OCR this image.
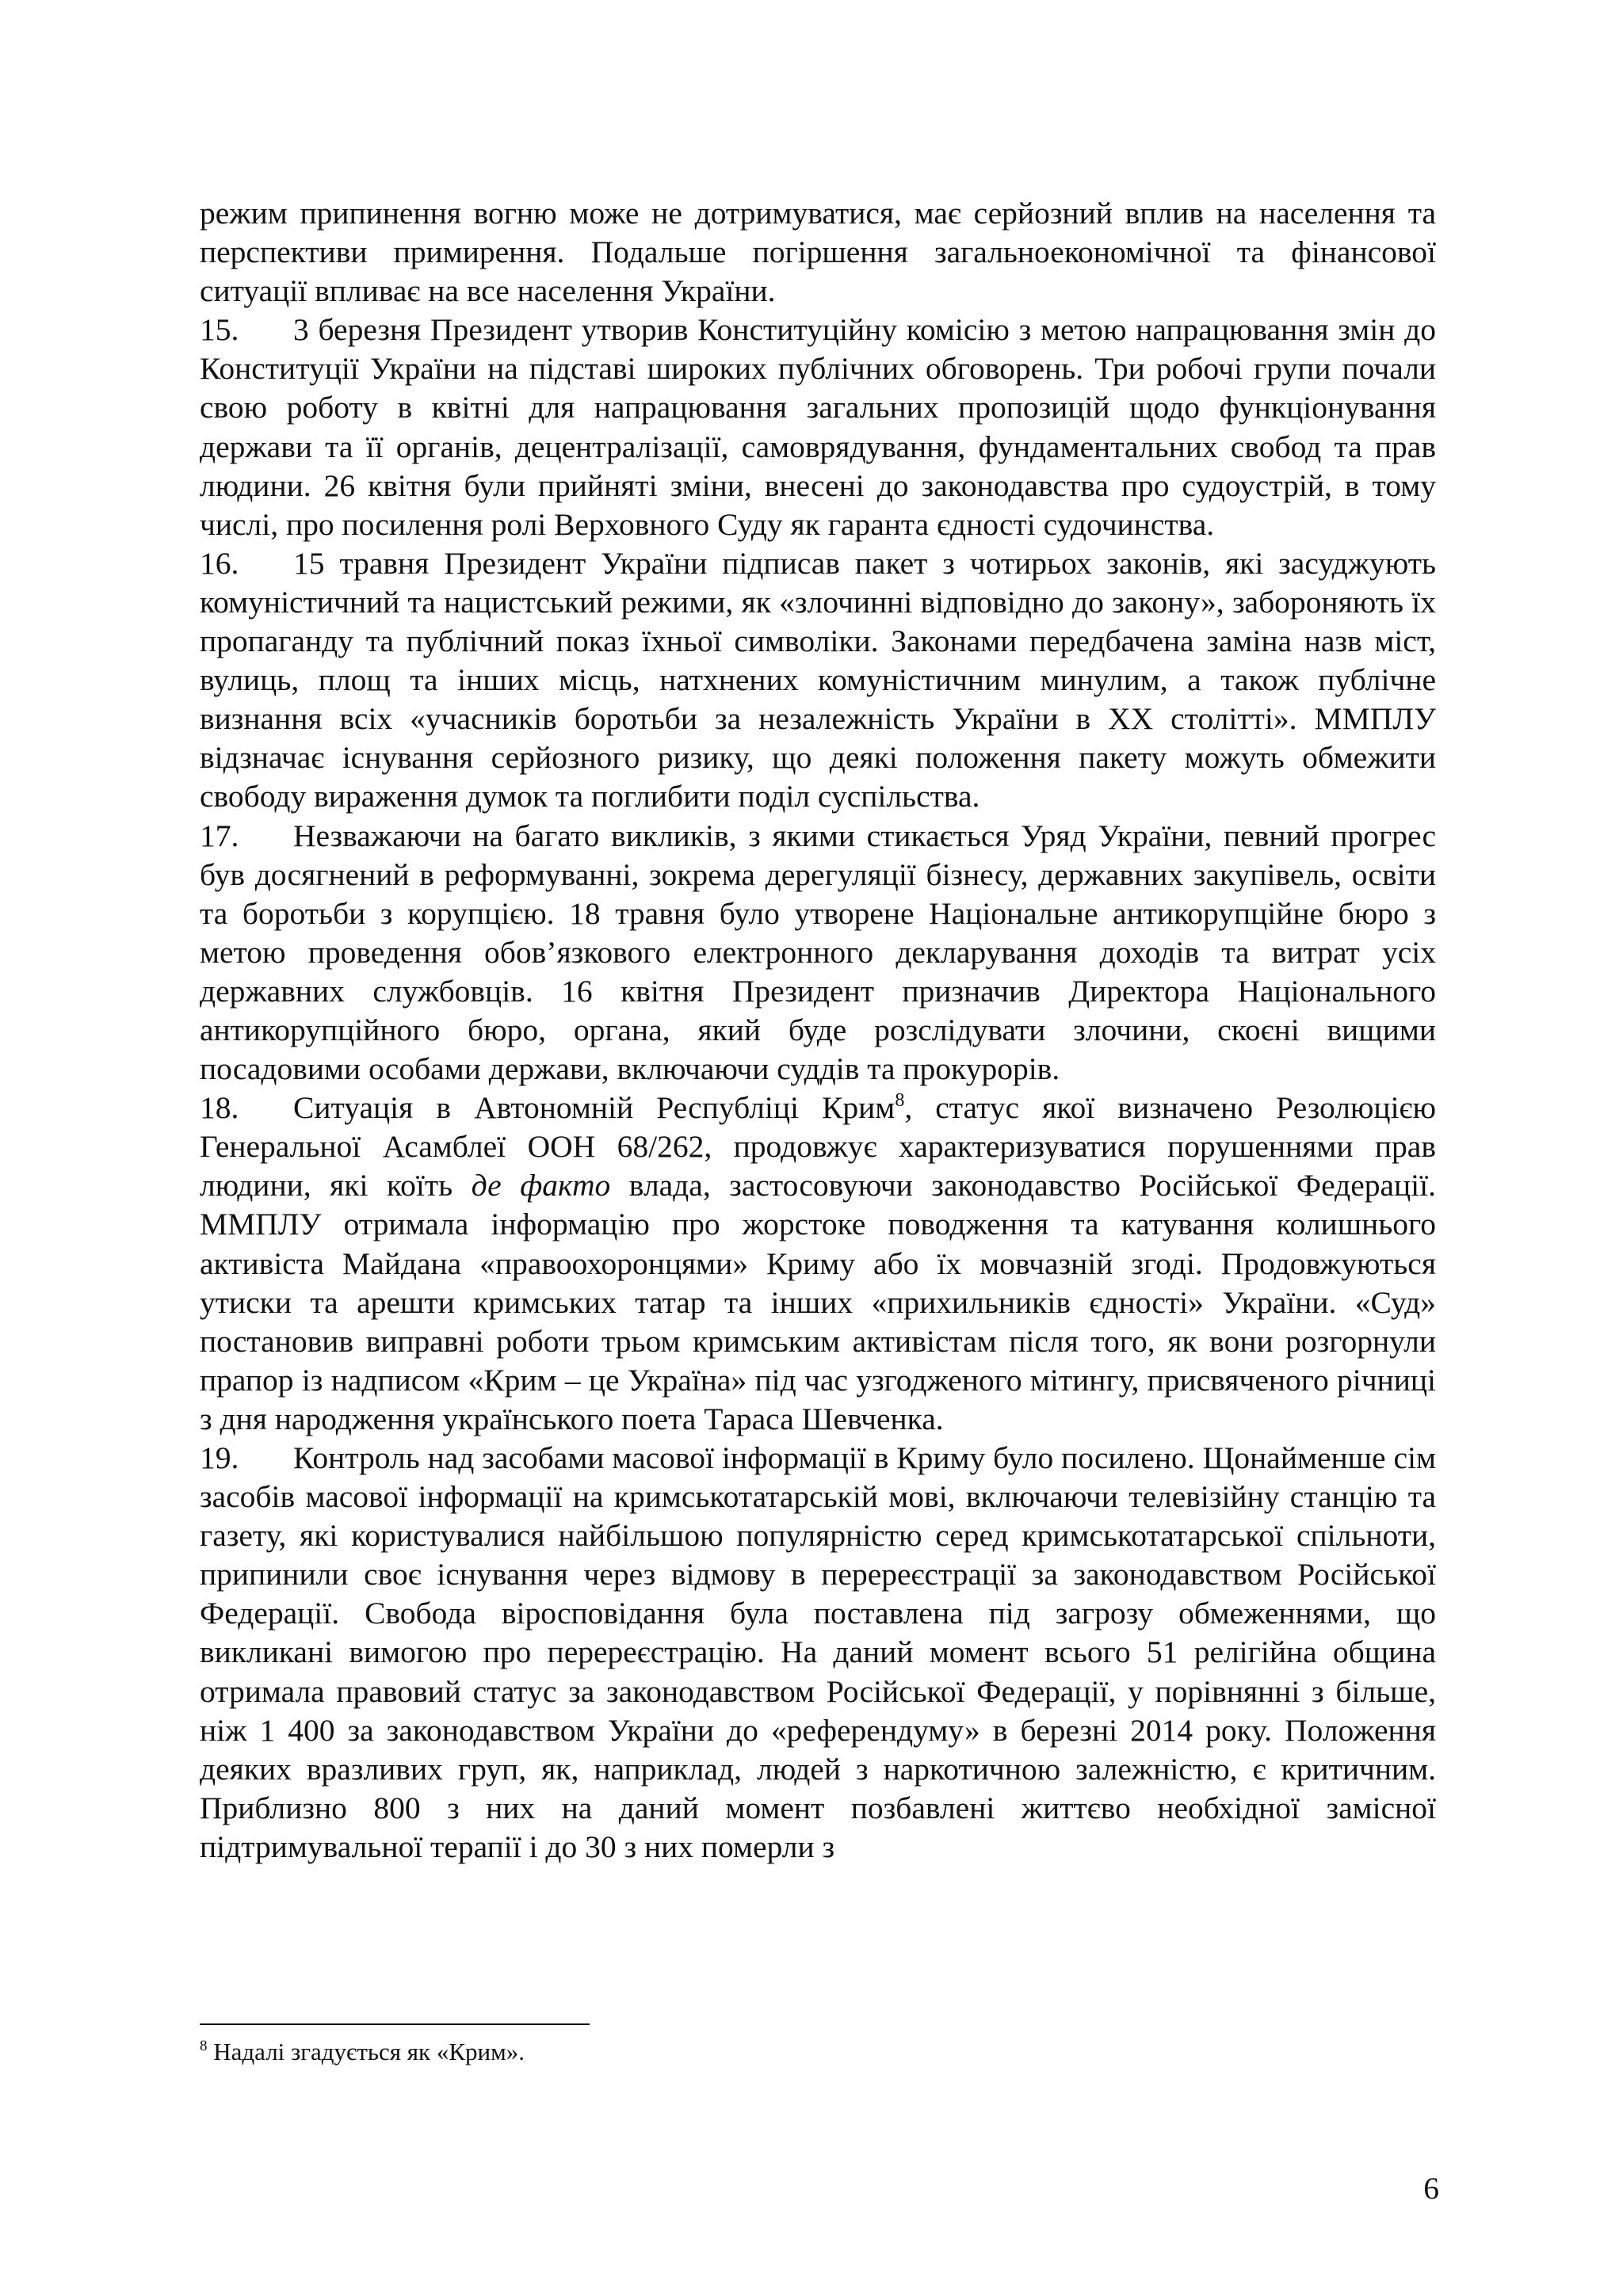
режим припинення вогню може не дотримуватися, має серйозний вплив на населення та перспективи примирення. Подальше погіршення загальноекономічної та фінансової ситуації впливає на все населення України.

15. 3 березня Президент утворив Конституційну комісію з метою напрацювання змін до Конституції України на підставі широких публічних обговорень. Три робочі групи почали свою роботу в квітні для напрацювання загальних пропозицій щодо функціонування держави та її органів, децентралізації, самоврядування, фундаментальних свобод та прав людини. 26 квітня були прийняті зміни, внесені до законодавства про судоустрій, в тому числі, про посилення ролі Верховного Суду як гаранта єдності судочинства.

16. 15 травня Президент України підписав пакет з чотирьох законів, які засуджують комуністичний та нацистський режими, як «злочинні відповідно до закону», забороняють їх пропаганду та публічний показ їхньої символіки. Законами передбачена заміна назв міст, вулиць, площ та інших місць, натхнених комуністичним минулим, а також публічне визнання всіх «учасників боротьби за незалежність України в ХХ столітті». ММПЛУ відзначає існування серйозного ризику, що деякі положення пакету можуть обмежити свободу вираження думок та поглибити поділ суспільства.

17. Незважаючи на багато викликів, з якими стикається Уряд України, певний прогрес був досягнений в реформуванні, зокрема дерегуляції бізнесу, державних закупівель, освіти та боротьби з корупцією. 18 травня було утворене Національне антикорупційне бюро з метою проведення обов’язкового електронного декларування доходів та витрат усіх державних службовців. 16 квітня Президент призначив Директора Національного антикорупційного бюро, органа, який буде розслідувати злочини, скоєні вищими посадовими особами держави, включаючи суддів та прокурорів.

18. Ситуація в Автономній Республіці Крим$^8$, статус якої визначено Резолюцією Генеральної Асамблеї ООН 68/262, продовжує характеризуватися порушеннями прав людини, які коїть де факто влада, застосовуючи законодавство Російської Федерації. ММПЛУ отримала інформацію про жорстоке поводження та катування колишнього активіста Майдана «правоохоронцями» Криму або їх мовчазній згоді. Продовжуються утиски та арешти кримських татар та інших «прихильників єдності» України. «Суд» постановив виправні роботи трьом кримським активістам після того, як вони розгорнули прапор із надписом «Крим – це Україна» під час узгодженого мітингу, присвяченого річниці з дня народження українського поета Тараса Шевченка.

19. Контроль над засобами масової інформації в Криму було посилено. Щонайменше сім засобів масової інформації на кримськотатарській мові, включаючи телевізійну станцію та газету, які користувалися найбільшою популярністю серед кримськотатарської спільноти, припинили своє існування через відмову в перереєстрації за законодавством Російської Федерації. Свобода віросповідання була поставлена під загрозу обмеженнями, що викликані вимогою про перереєстрацію. На даний момент всього 51 релігійна община отримала правовий статус за законодавством Російської Федерації, у порівнянні з більше, ніж 1 400 за законодавством України до «референдуму» в березні 2014 року. Положення деяких вразливих груп, як, наприклад, людей з наркотичною залежністю, є критичним. Приблизно 800 з них на даний момент позбавлені життєво необхідної замісної підтримувальної терапії і до 30 з них померли з

$^8$ Надалі згадується як «Крим».
6
